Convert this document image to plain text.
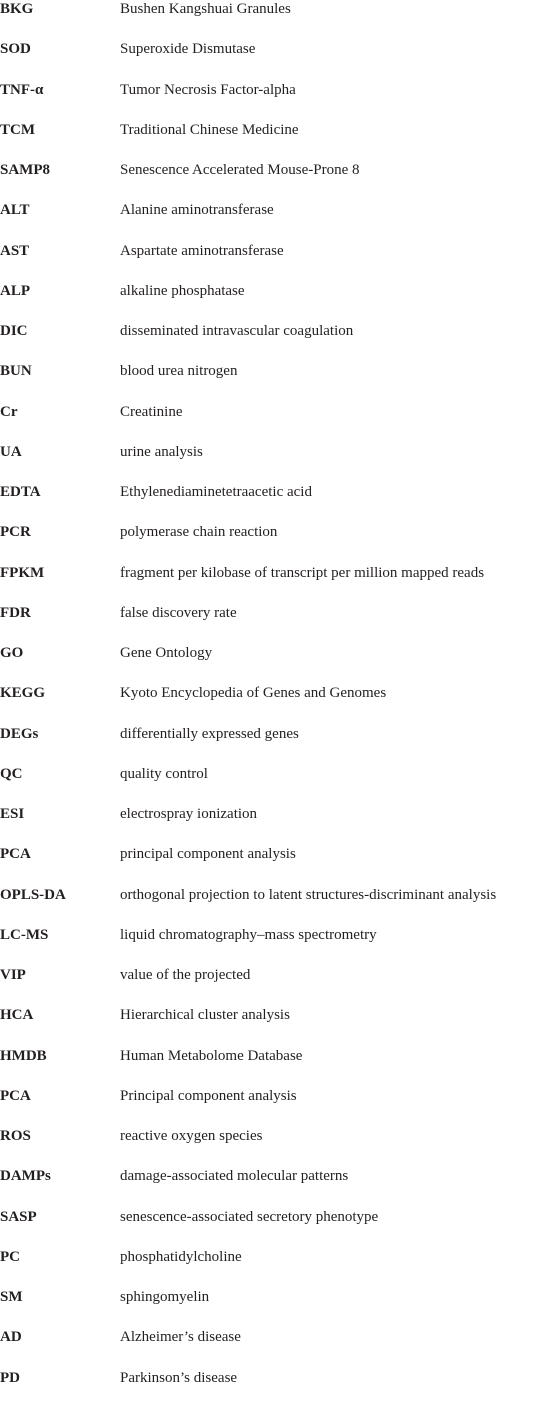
BKG	Bushen Kangshuai Granules
SOD	Superoxide Dismutase
TNF-α	Tumor Necrosis Factor-alpha
TCM	Traditional Chinese Medicine
SAMP8	Senescence Accelerated Mouse-Prone 8
ALT	Alanine aminotransferase
AST	Aspartate aminotransferase
ALP	alkaline phosphatase
DIC	disseminated intravascular coagulation
BUN	blood urea nitrogen
Cr	Creatinine
UA	urine analysis
EDTA	Ethylenediaminetetraacetic acid
PCR	polymerase chain reaction
FPKM	fragment per kilobase of transcript per million mapped reads
FDR	false discovery rate
GO	Gene Ontology
KEGG	Kyoto Encyclopedia of Genes and Genomes
DEGs	differentially expressed genes
QC	quality control
ESI	electrospray ionization
PCA	principal component analysis
OPLS-DA	orthogonal projection to latent structures-discriminant analysis
LC-MS	liquid chromatography–mass spectrometry
VIP	value of the projected
HCA	Hierarchical cluster analysis
HMDB	Human Metabolome Database
PCA	Principal component analysis
ROS	reactive oxygen species
DAMPs	damage-associated molecular patterns
SASP	senescence-associated secretory phenotype
PC	phosphatidylcholine
SM	sphingomyelin
AD	Alzheimer’s disease
PD	Parkinson’s disease
